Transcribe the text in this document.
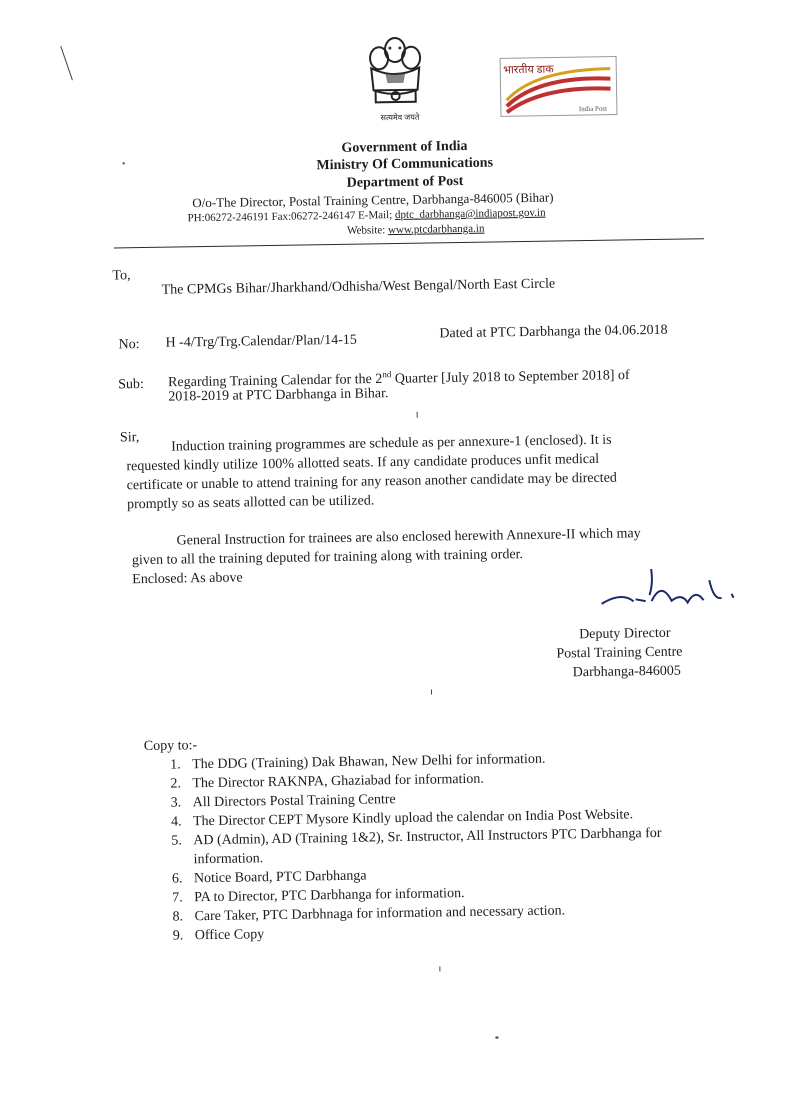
सत्यमेव जयते
भारतीय डाक
India Post
Government of India
Ministry Of Communications
Department of Post
O/o-The Director, Postal Training Centre, Darbhanga-846005 (Bihar)
PH:06272-246191 Fax:06272-246147 E-Mail; dptc_darbhanga@indiapost.gov.in
Website: www.ptcdarbhanga.in
To,
The CPMGs Bihar/Jharkhand/Odhisha/West Bengal/North East Circle
No: H -4/Trg/Trg.Calendar/Plan/14-15
Dated at PTC Darbhanga the 04.06.2018
Sub: Regarding Training Calendar for the 2nd Quarter [July 2018 to September 2018] of
2018-2019 at PTC Darbhanga in Bihar.
Sir, Induction training programmes are schedule as per annexure-1 (enclosed). It is
requested kindly utilize 100% allotted seats. If any candidate produces unfit medical
certificate or unable to attend training for any reason another candidate may be directed
promptly so as seats allotted can be utilized.
General Instruction for trainees are also enclosed herewith Annexure-II which may
given to all the training deputed for training along with training order.
Enclosed: As above
Deputy Director
Postal Training Centre
Darbhanga-846005
Copy to:-
1. The DDG (Training) Dak Bhawan, New Delhi for information.
2. The Director RAKNPA, Ghaziabad for information.
3. All Directors Postal Training Centre
4. The Director CEPT Mysore Kindly upload the calendar on India Post Website.
5. AD (Admin), AD (Training 1&2), Sr. Instructor, All Instructors PTC Darbhanga for information.
6. Notice Board, PTC Darbhanga
7. PA to Director, PTC Darbhanga for information.
8. Care Taker, PTC Darbhnaga for information and necessary action.
9. Office Copy
